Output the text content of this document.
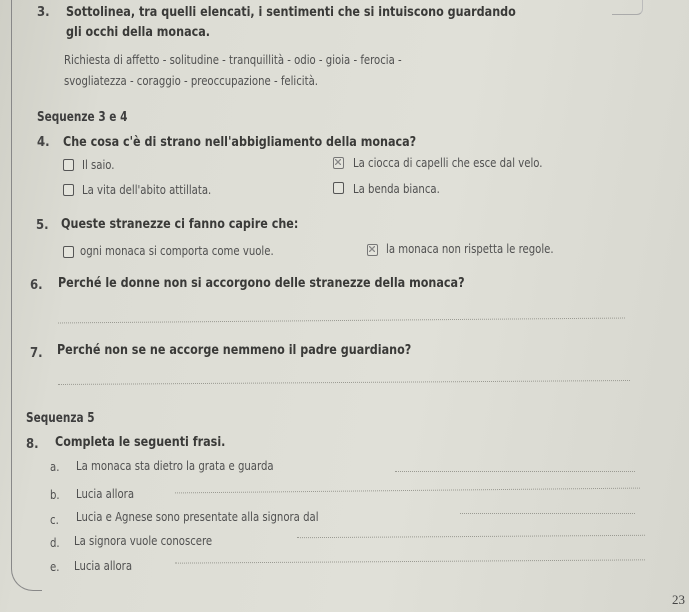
3. Sottolinea, tra quelli elencati, i sentimenti che si intuiscono guardando
gli occhi della monaca.
Richiesta di affetto - solitudine - tranquillità - odio - gioia - ferocia -
svogliatezza - coraggio - preoccupazione - felicità.
Sequenze 3 e 4
4. Che cosa c'è di strano nell'abbigliamento della monaca?
Il saio.	La ciocca di capelli che esce dal velo.
La vita dell'abito attillata.	La benda bianca.
5. Queste stranezze ci fanno capire che:
ogni monaca si comporta come vuole.	la monaca non rispetta le regole.
6. Perché le donne non si accorgono delle stranezze della monaca?
7. Perché non se ne accorge nemmeno il padre guardiano?
Sequenza 5
8. Completa le seguenti frasi.
a. La monaca sta dietro la grata e guarda
b. Lucia allora
c. Lucia e Agnese sono presentate alla signora dal
d. La signora vuole conoscere
e. Lucia allora
23
